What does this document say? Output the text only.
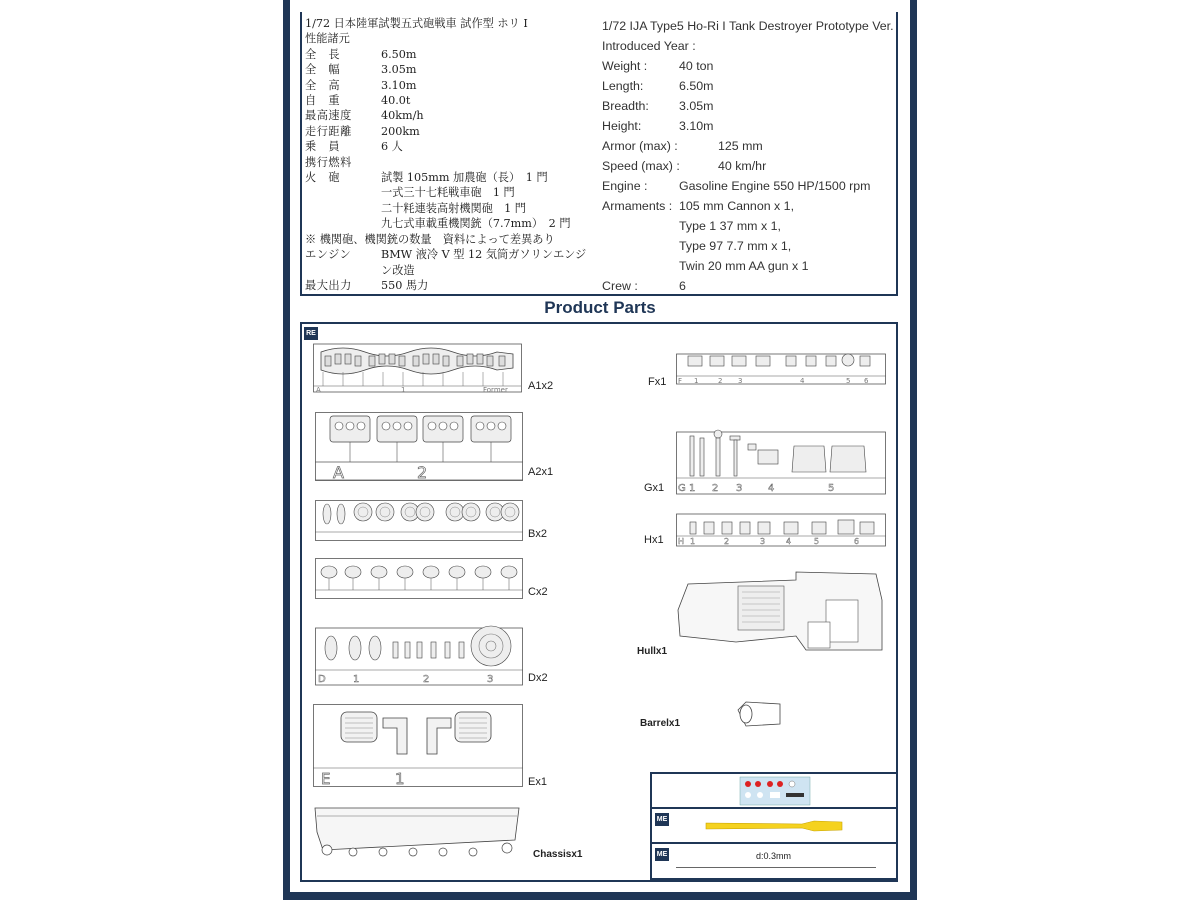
1/72 日本陸軍試製五式砲戦車 試作型 ホリ I
性能諸元
全　長	6.50m
全　幅	3.05m
全　高	3.10m
自　重	40.0t
最高速度	40km/h
走行距離	200km
乗　員	6 人
携行燃料
火　砲	試製 105mm 加農砲（長）　1 門
一式三十七粍戦車砲　1 門
二十粍連装高射機関砲　1 門
九七式車載重機関銃（7.7mm）　2 門
※ 機関砲、機関銃の数量　資料によって差異あり
エンジン	BMW 液冷 V 型 12 気筒ガソリンエンジ
ン改造
最大出力	550 馬力
1/72 IJA Type5 Ho-Ri I Tank Destroyer Prototype Ver.
Introduced Year :
Weight :	40 ton
Length:	6.50m
Breadth:	3.05m
Height:	3.10m
Armor (max) :	125 mm
Speed (max) :	40 km/hr
Engine :	Gasoline Engine 550 HP/1500 rpm
Armaments : 105 mm Cannon x 1,
Type 1 37 mm x 1,
Type 97 7.7 mm x 1,
Twin 20 mm AA gun x 1
Crew :	6
Product Parts
RE
A	1	Former A1x2
A	2	A2x1
Bx2
Cx2
D	1	2	3	Dx2
E	1	Ex1
Chassisx1
F 1	2 3	4	5 6
Fx1
G 1 2 3	4	5
Gx1
H 1	2	3	4	5	6
Hx1
Hullx1
Barrelx1
ME
ME	d:0.3mm
